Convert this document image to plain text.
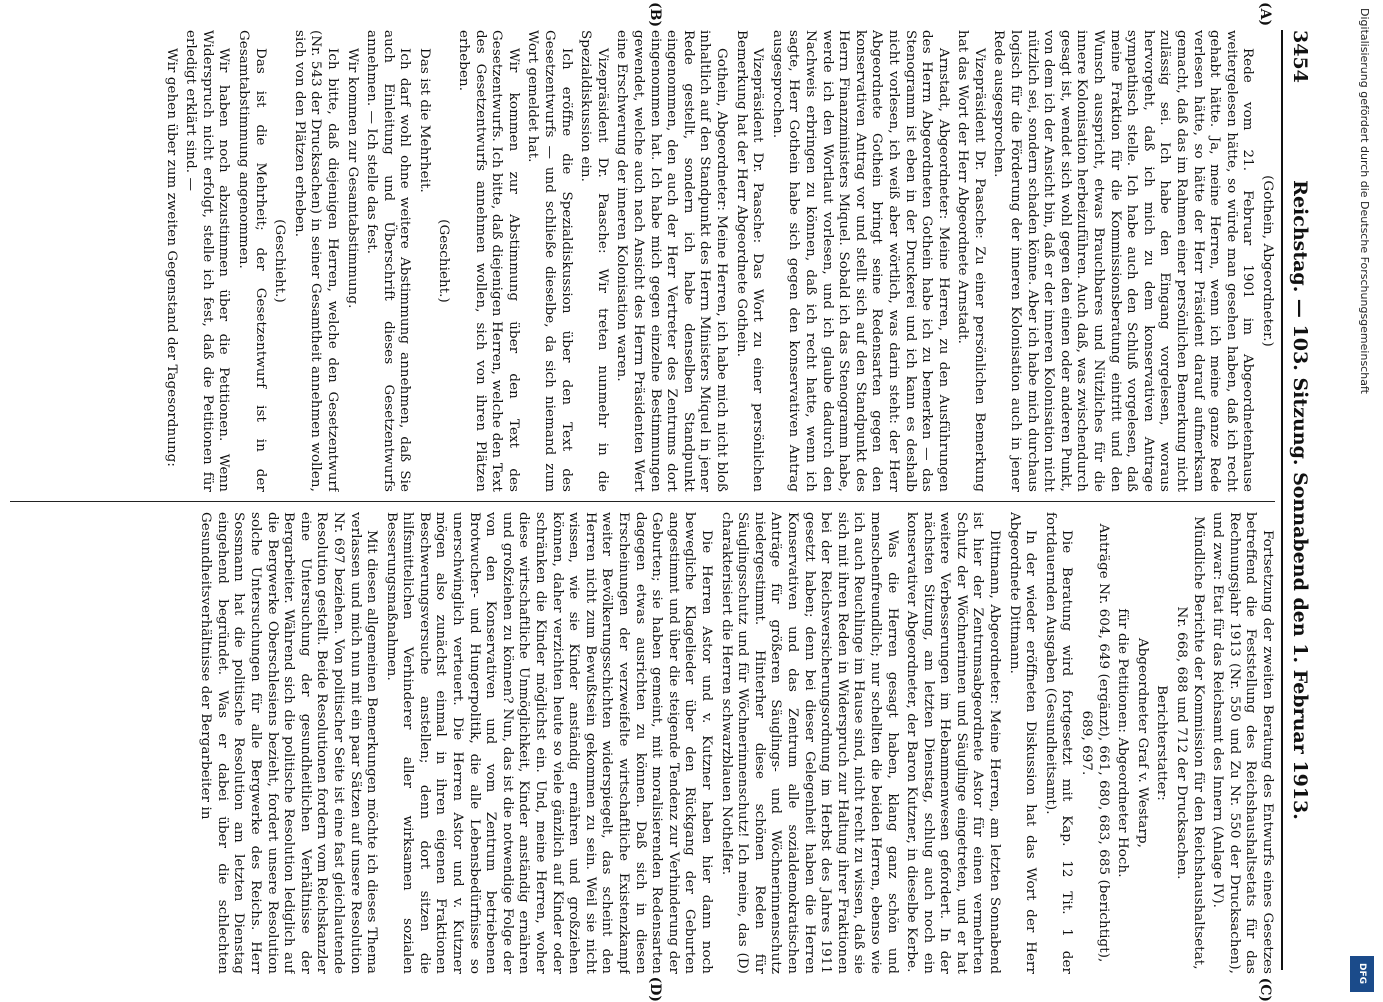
3454
Reichstag. — 103. Sitzung. Sonnabend den 1. Februar 1913.

(Gothein, Abgeordneter.)

Rede vom 21. Februar 1901 im Abgeordnetenhause weitergelesen hätte, so würde man gesehen haben, daß ich recht gehabt hätte. Ja, meine Herren, wenn ich meine ganze Rede verlesen hätte, so hätte der Herr Präsident darauf aufmerksam gemacht, daß das im Rahmen einer persönlichen Bemerkung nicht zulässig sei. Ich habe den Eingang vorgelesen, woraus hervorgeht, daß ich mich zu dem konservativen Antrage sympathisch stelle. Ich habe auch den Schluß vorgelesen, daß meine Fraktion für die Kommissionsberatung eintritt und den Wunsch ausspricht, etwas Brauchbares und Nützliches für die innere Kolonisation herbeizuführen. Auch daß, was zwischendurch gesagt ist, wendet sich wohl gegen den einen oder anderen Punkt, von dem ich der Ansicht bin, daß er der inneren Kolonisation nicht nützlich sei, sondern schaden könne. Aber ich habe mich durchaus logisch für die Förderung der inneren Kolonisation auch in jener Rede ausgesprochen.

Vizepräsident Dr. Paasche: Zu einer persönlichen Bemerkung hat das Wort der Herr Abgeordnete Arnstadt.

Arnstadt, Abgeordneter: Meine Herren, zu den Ausführungen des Herrn Abgeordneten Gothein habe ich zu bemerken — das Stenogramm ist eben in der Druckerei und ich kann es deshalb nicht vorlesen, ich weiß aber wörtlich, was darin steht: der Herr Abgeordnete Gothein bringt seine Redensarten gegen den konservativen Antrag vor und stellt sich auf den Standpunkt des Herrn Finanzministers Miquel. Sobald ich das Stenogramm habe, werde ich den Wortlaut vorlesen, und ich glaube dadurch den Nachweis erbringen zu können, daß ich recht hatte, wenn ich sagte, Herr Gothein habe sich gegen den konservativen Antrag ausgesprochen.

Vizepräsident Dr. Paasche: Das Wort zu einer persönlichen Bemerkung hat der Herr Abgeordnete Gothein.

Gothein, Abgeordneter: Meine Herren, ich habe mich nicht bloß inhaltlich auf den Standpunkt des Herrn Ministers Miquel in jener Rede gestellt, sondern ich habe denselben Standpunkt eingenommen, den auch der Herr Vertreter des Zentrums dort eingenommen hat. Ich habe mich gegen einzelne Bestimmungen gewendet, welche auch nach Ansicht des Herrn Präsidenten Wert eine Erschwerung der inneren Kolonisation waren.

Vizepräsident Dr. Paasche: Wir treten nunmehr in die Spezialdiskussion ein.

Ich eröffne die Spezialdiskussion über den Text des Gesetzentwurfs — und schließe dieselbe, da sich niemand zum Wort gemeldet hat.

Wir kommen zur Abstimmung über den Text des Gesetzentwurfs. Ich bitte, daß diejenigen Herren, welche den Text des Gesetzentwurfs annehmen wollen, sich von ihren Plätzen erheben.

(Geschieht.)

Das ist die Mehrheit.

Ich darf wohl ohne weitere Abstimmung annehmen, daß Sie auch Einleitung und Überschrift dieses Gesetzentwurfs annehmen. — Ich stelle das fest.

Wir kommen zur Gesamtabstimmung.

Ich bitte, daß diejenigen Herren, welche den Gesetzentwurf (Nr. 543 der Drucksachen) in seiner Gesamtheit annehmen wollen, sich von den Plätzen erheben.

(Geschieht.)

Das ist die Mehrheit; der Gesetzentwurf ist in der Gesamtabstimmung angenommen.

Wir haben noch abzustimmen über die Petitionen. Wenn Widerspruch nicht erfolgt, stelle ich fest, daß die Petitionen für erledigt erklärt sind. —

Wir gehen über zum zweiten Gegenstand der Tagesordnung:

Fortsetzung der zweiten Beratung des Entwurfs eines Gesetzes betreffend die Feststellung des Reichshaushaltsetats für das Rechnungsjahr 1913 (Nr. 550 und Zu Nr. 550 der Drucksachen), und zwar: Etat für das Reichsamt des Innern (Anlage IV).

Mündliche Berichte der Kommission für den Reichshaushaltsetat, Nr. 668, 688 und 712 der Drucksachen.

Berichterstatter:

Abgeordneter Graf v. Westarp,

für die Petitionen: Abgeordneter Hoch.

Anträge Nr. 604, 649 (ergänzt), 661, 680, 683, 685 (berichtigt), 689, 697.

Die Beratung wird fortgesetzt mit Kap. 12 Tit. 1 der fortdauernden Ausgaben (Gesundheitsamt).

In der wieder eröffneten Diskussion hat das Wort der Herr Abgeordnete Dittmann.

Dittmann, Abgeordneter: Meine Herren, am letzten Sonnabend ist hier der Zentrumsabgeordnete Astor für einen vermehrten Schutz der Wöchnerinnen und Säuglinge eingetreten, und er hat weitere Verbesserungen im Hebammenwesen gefordert. In der nächsten Sitzung, am letzten Dienstag, schlug auch noch ein konservativer Abgeordneter, der Baron Kutzner, in dieselbe Kerbe.

Was die Herren gesagt haben, klang ganz schön und menschenfreundlich; nur schellten die beiden Herren, ebenso wie ich auch Reuchlinge im Hause sind, nicht recht zu wissen, daß sie sich mit ihren Reden in Widerspruch zur Haltung ihrer Fraktionen bei der Reichsversicherungsordnung im Herbst des Jahres 1911 gesetzt haben; denn bei dieser Gelegenheit haben die Herren Konservativen und das Zentrum alle sozialdemokratischen Anträge für größeren Säuglings- und Wöchnerinnenschutz niedergestimmt. Hinterher diese schönen Reden für Säuglingsschutz und für Wöchnerinnenschutz! Ich meine, das (D) charakterisiert die Herren schwarzblauen Nothelfer.

Die Herren Astor und v. Kutzner haben hier dann noch bewegliche Klagelieder über den Rückgang der Geburten angestimmt und über die steigende Tendenz zur Verhinderung der Geburten; sie haben gemeint, mit moralisierenden Redensarten dagegen etwas ausrichten zu können. Daß sich in diesen Erscheinungen der verzweifelte wirtschaftliche Existenzkampf weiter Bevölkerungsschichten widerspiegelt, das scheint den Herren nicht zum Bewußtsein gekommen zu sein. Weil sie nicht wissen, wie sie Kinder anständig ernähren und großziehen können, daher verzichten heute so viele gänzlich auf Kinder oder schränken die Kinder möglichst ein. Und, meine Herren, woher diese wirtschaftliche Unmöglichkeit, Kinder anständig ernähren und großziehen zu können? Nun, das ist die notwendige Folge der von den Konservativen und vom Zentrum betriebenen Brotwucher- und Hungerpolitik, die alle Lebensbedürfnisse so unerschwinglich verteuert. Die Herren Astor und v. Kutzner mögen also zunächst einmal in ihren eigenen Fraktionen Beschwerungsversuche anstellen; denn dort sitzen die hilfsmittelichen Verhinderer aller wirksamen sozialen Besserungsmaßnahmen.

Mit diesen allgemeinen Bemerkungen möchte ich dieses Thema verlassen und mich nun mit ein paar Sätzen auf unsere Resolution Nr. 697 beziehen. Von politischer Seite ist eine fast gleichlautende Resolution gestellt. Beide Resolutionen fordern vom Reichskanzler eine Untersuchung der gesundheitlichen Verhältnisse der Bergarbeiter. Während sich die politische Resolution lediglich auf die Bergwerke Oberschlesiens bezieht, fordert unsere Resolution solche Untersuchungen für alle Bergwerke des Reichs. Herr Sossmann hat die politische Resolution am letzten Dienstag eingehend begründet. Was er dabei über die schlechten Gesundheitsverhältnisse der Bergarbeiter in

(A)
(B)
(C)
(D)
Digitalisierung gefördert durch die Deutsche Forschungsgemeinschaft
DFG
